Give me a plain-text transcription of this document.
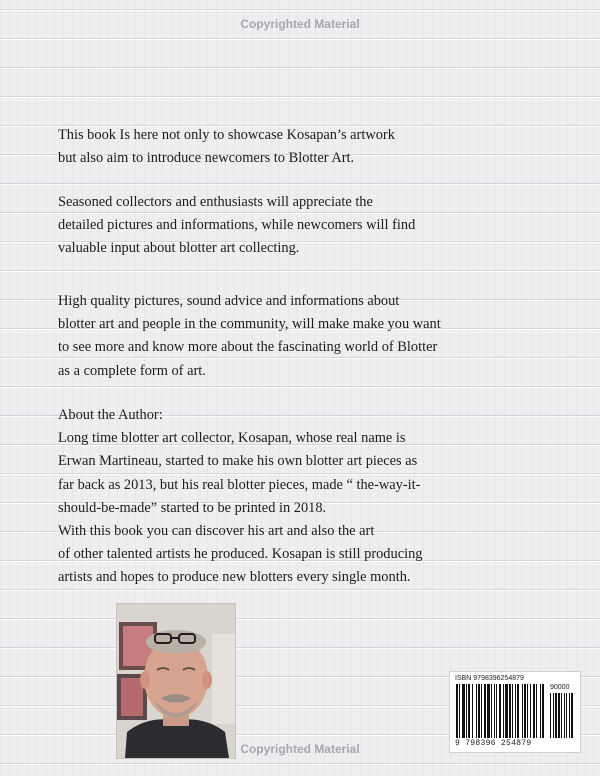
Copyrighted Material

This book Is here not only to showcase Kosapan’s artwork

but also aim to introduce newcomers to Blotter Art.

Seasoned collectors and enthusiasts will appreciate the

detailed pictures and informations, while newcomers will find

valuable input about blotter art collecting.

High quality pictures, sound advice and informations about

blotter art and people in the community, will make make you want

to see more and know more about the fascinating world of Blotter

as a complete form of art.

About the Author:

Long time blotter art collector, Kosapan, whose real name is

Erwan Martineau, started to make his own blotter art pieces as

far back as 2013, but his real blotter pieces, made “ the-way-it-

should-be-made” started to be printed in 2018.

With this book you can discover his art and also the art

of other talented artists he produced. Kosapan is still producing

artists and hopes to produce new blotters every single month.

ISBN 9798396254879
90000
9 798396 254879
Copyrighted Material
